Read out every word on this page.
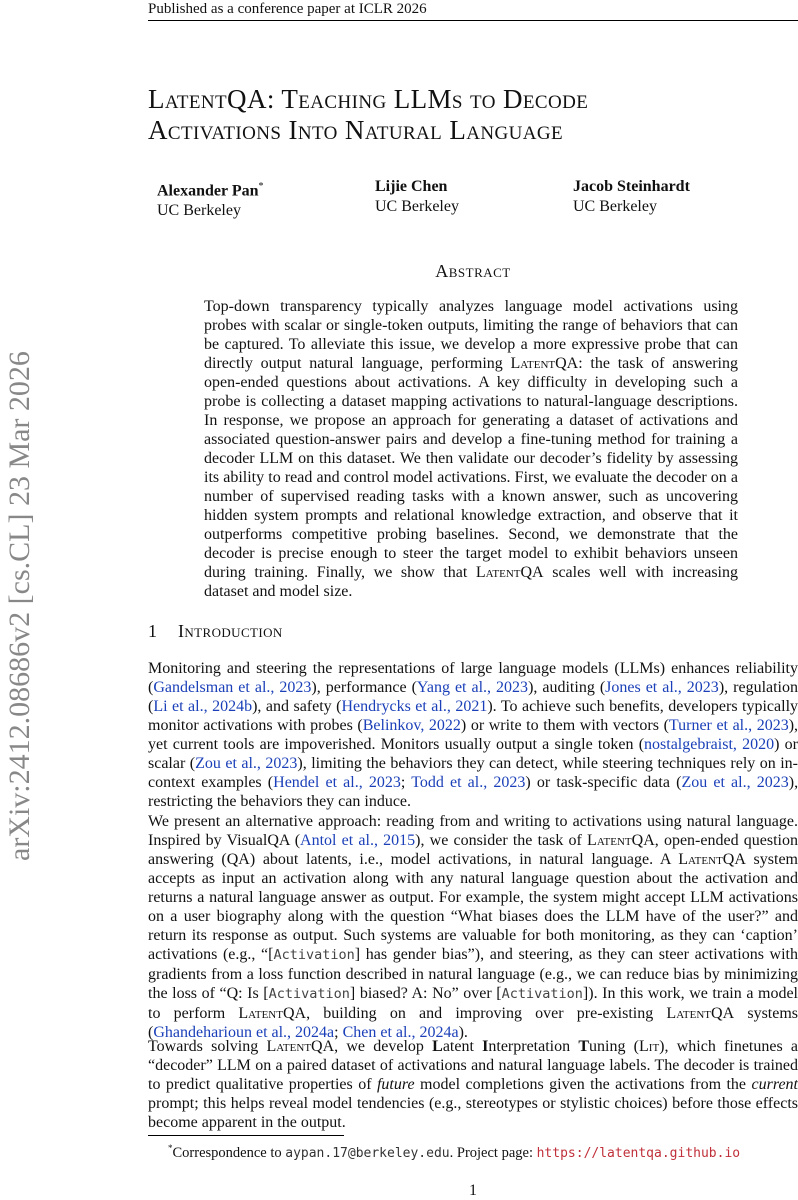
Published as a conference paper at ICLR 2026
arXiv:2412.08686v2 [cs.CL] 23 Mar 2026
LatentQA: Teaching LLMs to Decode
Activations Into Natural Language
Alexander Pan*
UC Berkeley
Lijie Chen
UC Berkeley
Jacob Steinhardt
UC Berkeley
Abstract
Top-down transparency typically analyzes language model activations using probes with scalar or single-token outputs, limiting the range of behaviors that can be captured. To alleviate this issue, we develop a more expressive probe that can directly output natural language, performing LatentQA: the task of answering open-ended questions about activations. A key difficulty in developing such a probe is collecting a dataset mapping activations to natural-language descriptions. In response, we propose an approach for generating a dataset of activations and associated question-answer pairs and develop a fine-tuning method for training a decoder LLM on this dataset. We then validate our decoder’s fidelity by assessing its ability to read and control model activations. First, we evaluate the decoder on a number of supervised reading tasks with a known answer, such as uncovering hidden system prompts and relational knowledge extraction, and observe that it outperforms competitive probing baselines. Second, we demonstrate that the decoder is precise enough to steer the target model to exhibit behaviors unseen during training. Finally, we show that LatentQA scales well with increasing dataset and model size.
1 Introduction
Monitoring and steering the representations of large language models (LLMs) enhances reliability (Gandelsman et al., 2023), performance (Yang et al., 2023), auditing (Jones et al., 2023), regulation (Li et al., 2024b), and safety (Hendrycks et al., 2021). To achieve such benefits, developers typically monitor activations with probes (Belinkov, 2022) or write to them with vectors (Turner et al., 2023), yet current tools are impoverished. Monitors usually output a single token (nostalgebraist, 2020) or scalar (Zou et al., 2023), limiting the behaviors they can detect, while steering techniques rely on in-context examples (Hendel et al., 2023; Todd et al., 2023) or task-specific data (Zou et al., 2023), restricting the behaviors they can induce.
We present an alternative approach: reading from and writing to activations using natural language. Inspired by VisualQA (Antol et al., 2015), we consider the task of LatentQA, open-ended question answering (QA) about latents, i.e., model activations, in natural language. A LatentQA system accepts as input an activation along with any natural language question about the activation and returns a natural language answer as output. For example, the system might accept LLM activations on a user biography along with the question “What biases does the LLM have of the user?” and return its response as output. Such systems are valuable for both monitoring, as they can ‘caption’ activations (e.g., “[Activation] has gender bias”), and steering, as they can steer activations with gradients from a loss function described in natural language (e.g., we can reduce bias by minimizing the loss of “Q: Is [Activation] biased? A: No” over [Activation]). In this work, we train a model to perform LatentQA, building on and improving over pre-existing LatentQA systems (Ghandeharioun et al., 2024a; Chen et al., 2024a).
Towards solving LatentQA, we develop Latent Interpretation Tuning (Lit), which finetunes a “decoder” LLM on a paired dataset of activations and natural language labels. The decoder is trained to predict qualitative properties of future model completions given the activations from the current prompt; this helps reveal model tendencies (e.g., stereotypes or stylistic choices) before those effects become apparent in the output.
*Correspondence to aypan.17@berkeley.edu. Project page: https://latentqa.github.io
1
